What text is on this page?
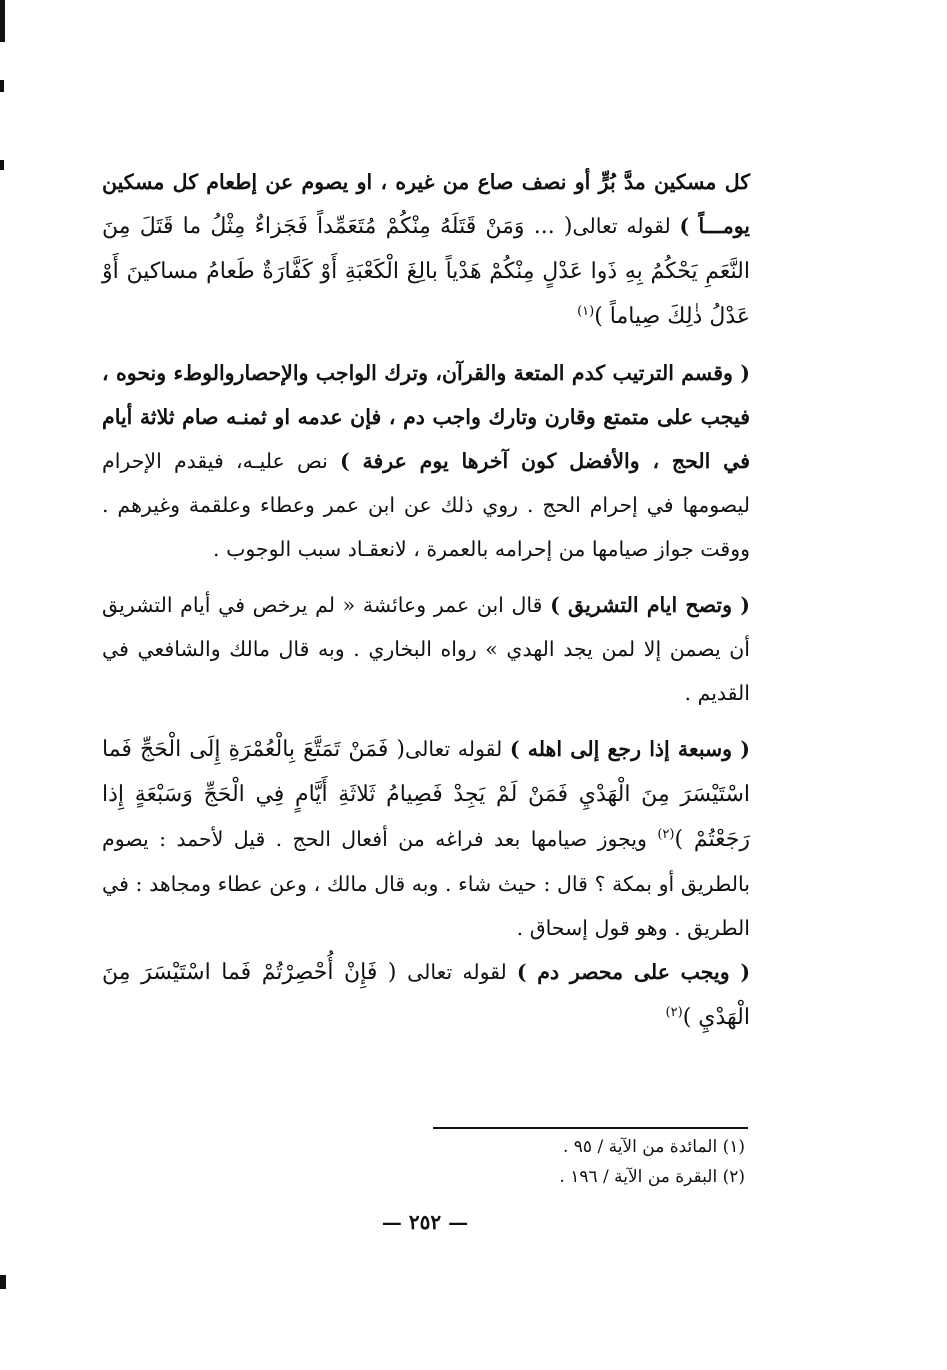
كل مسكين مدَّ بُرٍّ أو نصف صاع من غيره ، او يصوم عن إطعام كل مسكين يومـــاً ) لقوله تعالى( ... وَمَنْ قَتَلَهُ مِنْكُمْ مُتَعَمِّداً فَجَزاءٌ مِثْلُ ما قَتَلَ مِنَ النَّعَمِ يَحْكُمُ بِهِ ذَوا عَدْلٍ مِنْكُمْ هَدْياً بالِغَ الْكَعْبَةِ أَوْ كَفَّارَةٌ طَعامُ مساكينَ أَوْ عَدْلُ ذٰلِكَ صِياماً )$^{(١)}$

( وقسم الترتيب كدم المتعة والقرآن، وترك الواجب والإحصاروالوطء ونحوه ، فيجب على متمتع وقارن وتارك واجب دم ، فإن عدمه او ثمنـه صام ثلاثة أيام في الحج ، والأفضل كون آخرها يوم عرفة ) نص عليـه، فيقدم الإحرام ليصومها في إحرام الحج . روي ذلك عن ابن عمر وعطاء وعلقمة وغيرهم . ووقت جواز صيامها من إحرامه بالعمرة ، لانعقـاد سبب الوجوب .

( وتصح ايام التشريق ) قال ابن عمر وعائشة « لم يرخص في أيام التشريق أن يصمن إلا لمن يجد الهدي » رواه البخاري . وبه قال مالك والشافعي في القديم .

( وسبعة إذا رجع إلى اهله ) لقوله تعالى( فَمَنْ تَمَتَّعَ بِالْعُمْرَةِ إِلَى الْحَجِّ فَما اسْتَيْسَرَ مِنَ الْهَدْيِ فَمَنْ لَمْ يَجِدْ فَصِيامُ ثَلاثَةِ أَيَّامٍ فِي الْحَجِّ وَسَبْعَةٍ إِذا رَجَعْتُمْ )$^{(٢)}$ ويجوز صيامها بعد فراغه من أفعال الحج . قيل لأحمد : يصوم بالطريق أو بمكة ؟ قال : حيث شاء . وبه قال مالك ، وعن عطاء ومجاهد : في الطريق . وهو قول إسحاق .

( ويجب على محصر دم ) لقوله تعالى ( فَإِنْ أُحْصِرْتُمْ فَما اسْتَيْسَرَ مِنَ الْهَدْيِ )$^{(٢)}$

(١) المائدة من الآية / ٩٥ .

(٢) البقرة من الآية / ١٩٦ .

— ٢٥٢ —
